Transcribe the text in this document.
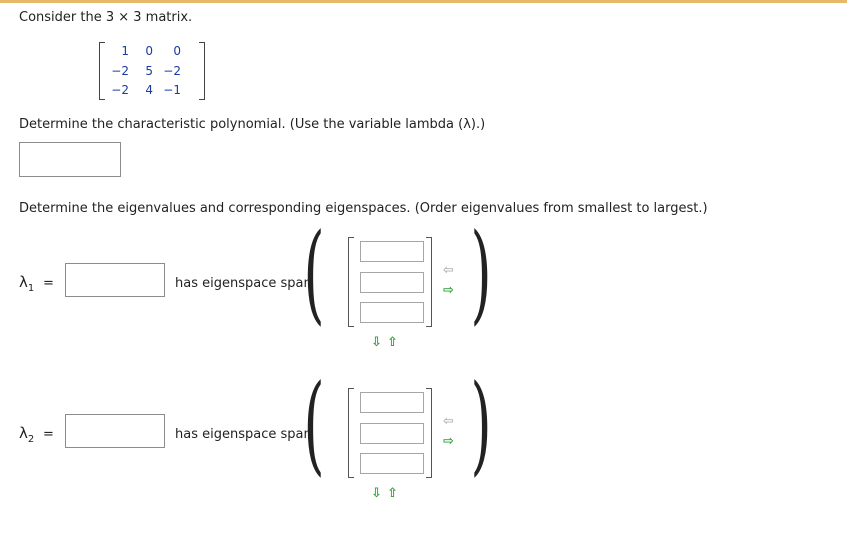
Consider the 3 × 3 matrix.
1	0	0
−2	5 −2
−2	4 −1
Determine the characteristic polynomial. (Use the variable lambda (λ).)
Determine the eigenvalues and corresponding eigenspaces. (Order eigenvalues from smallest to largest.)
$\lambda_1$ =	has eigenspace span
( )
⇦
⇨
⇩ ⇧
$\lambda_2$ =	has eigenspace span
( )
⇦
⇨
⇩ ⇧
